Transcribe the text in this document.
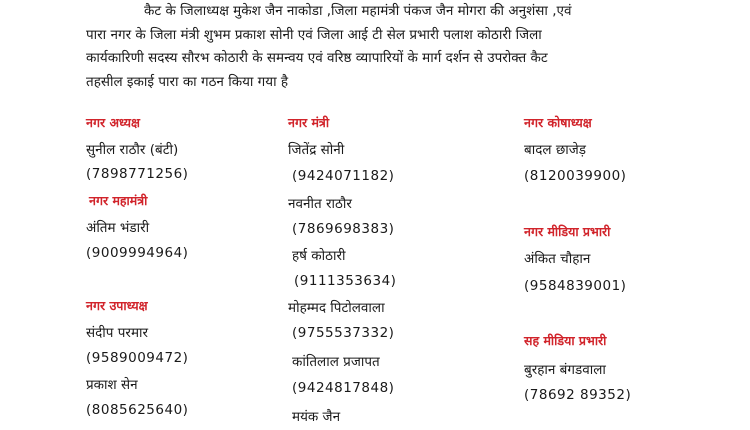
कैट के जिलाध्यक्ष मुकेश जैन नाकोडा ,जिला महामंत्री पंकज जैन मोगरा की अनुशंसा ,एवं
पारा नगर के जिला मंत्री शुभम प्रकाश सोनी एवं जिला आई टी सेल प्रभारी पलाश कोठारी जिला
कार्यकारिणी सदस्य सौरभ कोठारी के समन्वय एवं वरिष्ठ व्यापारियों के मार्ग दर्शन से उपरोक्त कैट
तहसील इकाई पारा का गठन किया गया है
नगर अध्यक्ष
सुनील राठौर (बंटी)
(7898771256)
नगर महामंत्री
अंतिम भंडारी
(9009994964)
नगर उपाध्यक्ष
संदीप परमार
(9589009472)
प्रकाश सेन
(8085625640)
नगर मंत्री
जितेंद्र सोनी
(9424071182)
नवनीत राठौर
(7869698383)
हर्ष कोठारी
(9111353634)
मोहम्मद पिटोलवाला
(9755537332)
कांतिलाल प्रजापत
(9424817848)
मयंक जैन
नगर कोषाध्यक्ष
बादल छाजेड़
(8120039900)
नगर मीडिया प्रभारी
अंकित चौहान
(9584839001)
सह मीडिया प्रभारी
बुरहान बंगडवाला
(78692 89352)
